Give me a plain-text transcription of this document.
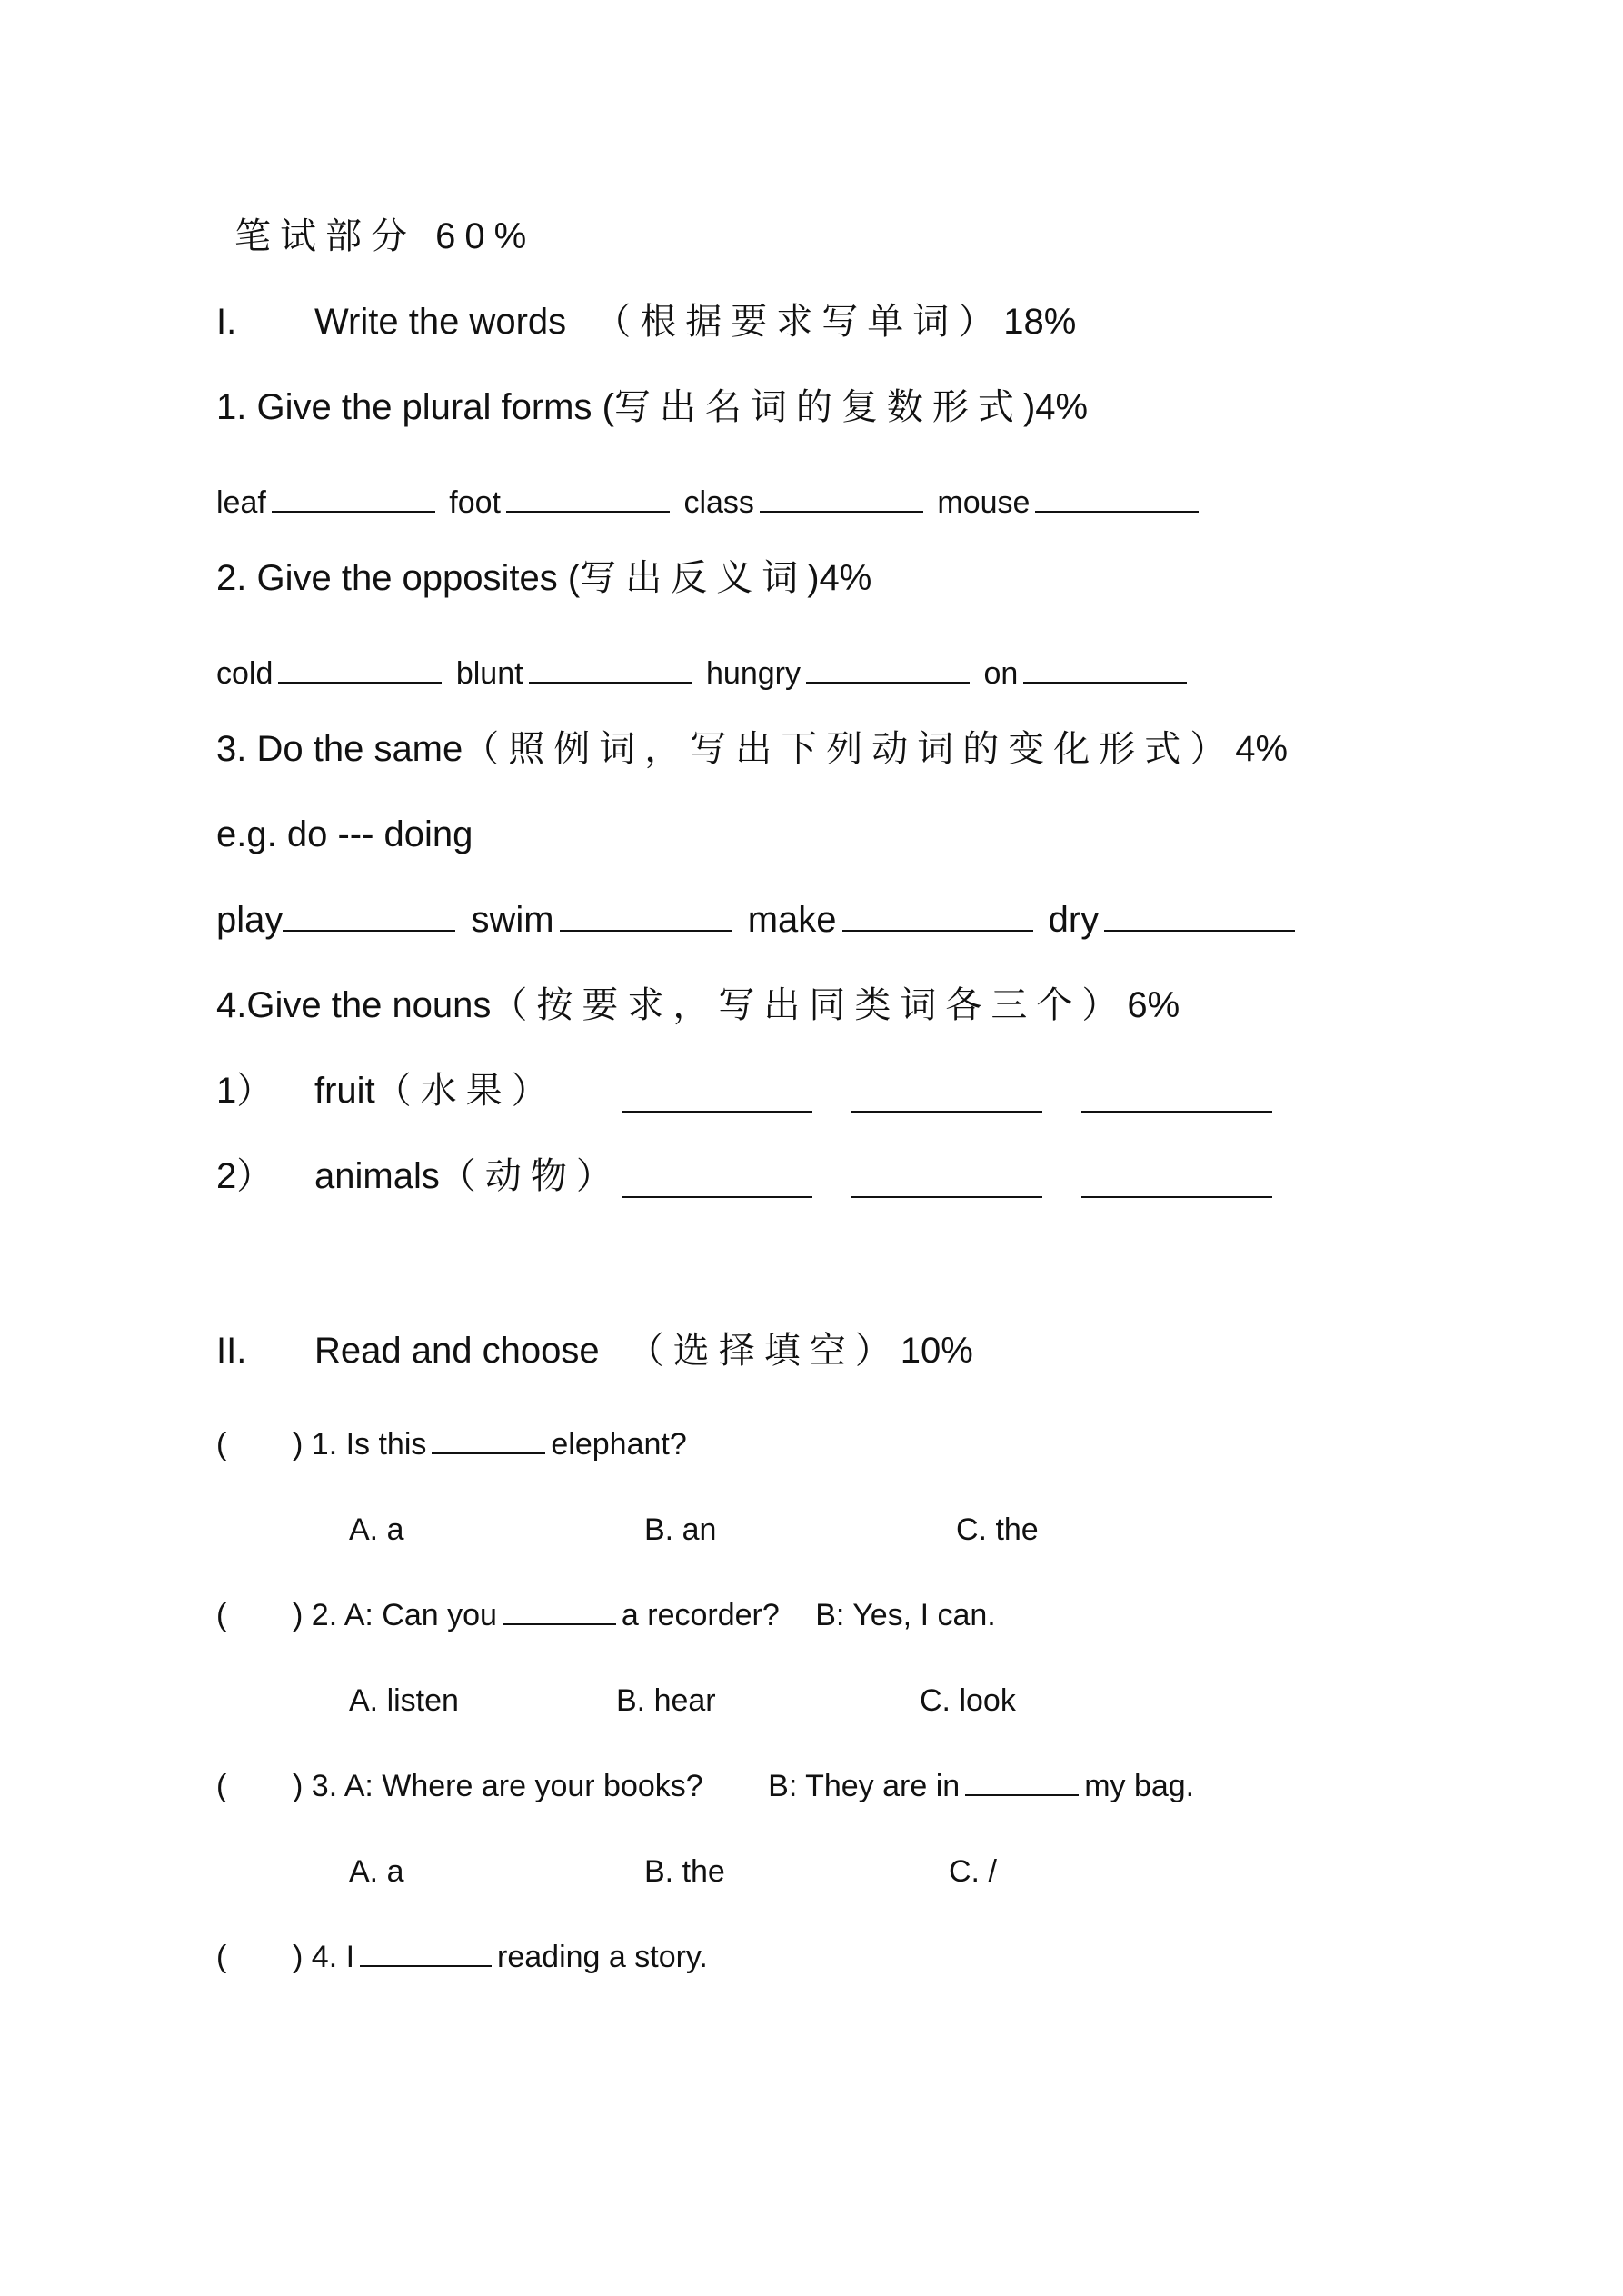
笔试部分 60%
I. Write the words （根据要求写单词）18%
1. Give the plural forms (写出名词的复数形式)4%
leaf	foot	class	mouse
2. Give the opposites (写出反义词)4%
cold	blunt	hungry	on
3. Do the same（照例词，写出下列动词的变化形式）4%
e.g. do --- doing
play	swim	make	dry
4.Give the nouns（按要求，写出同类词各三个）6%
1） fruit（水果）
2） animals（动物）
II. Read and choose （选择填空）10%
( ) 1. Is this	elephant?
A. a	B. an	C. the
( ) 2. A: Can you	a recorder? B: Yes, I can.
A. listen	B. hear	C. look
( ) 3. A: Where are your books? B: They are in	my bag.
A. a	B. the	C. /
( ) 4. I	reading a story.
